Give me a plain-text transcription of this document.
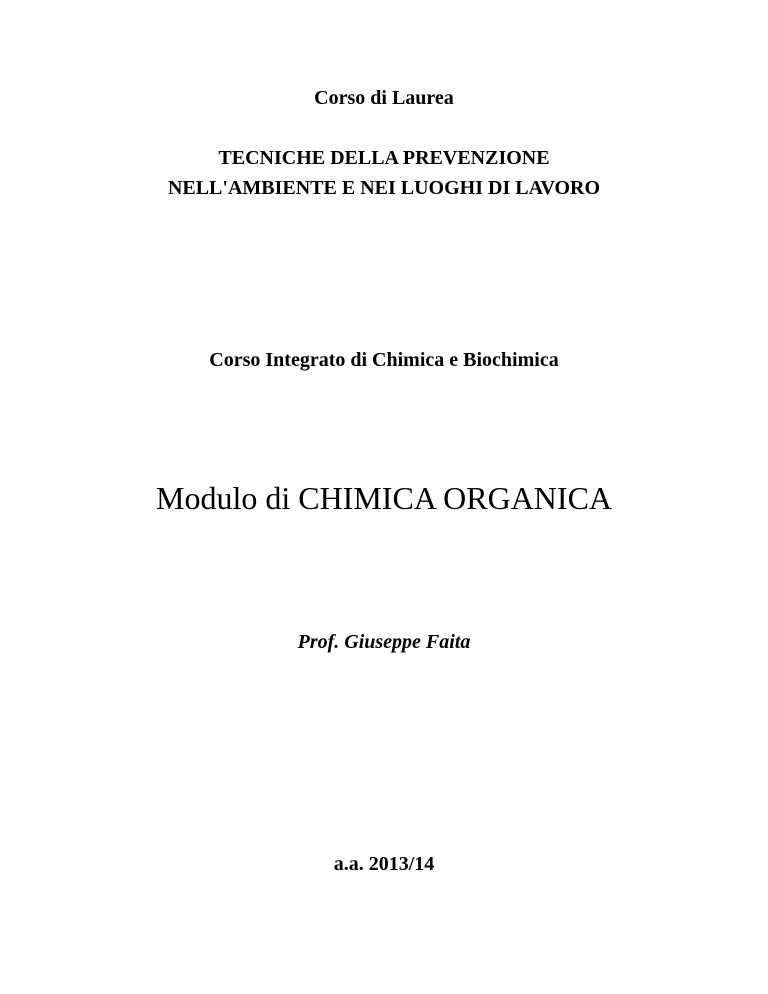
Corso di Laurea
TECNICHE DELLA PREVENZIONE
NELL'AMBIENTE E NEI LUOGHI DI LAVORO
Corso Integrato di Chimica e Biochimica
Modulo di CHIMICA ORGANICA
Prof. Giuseppe Faita
a.a. 2013/14
